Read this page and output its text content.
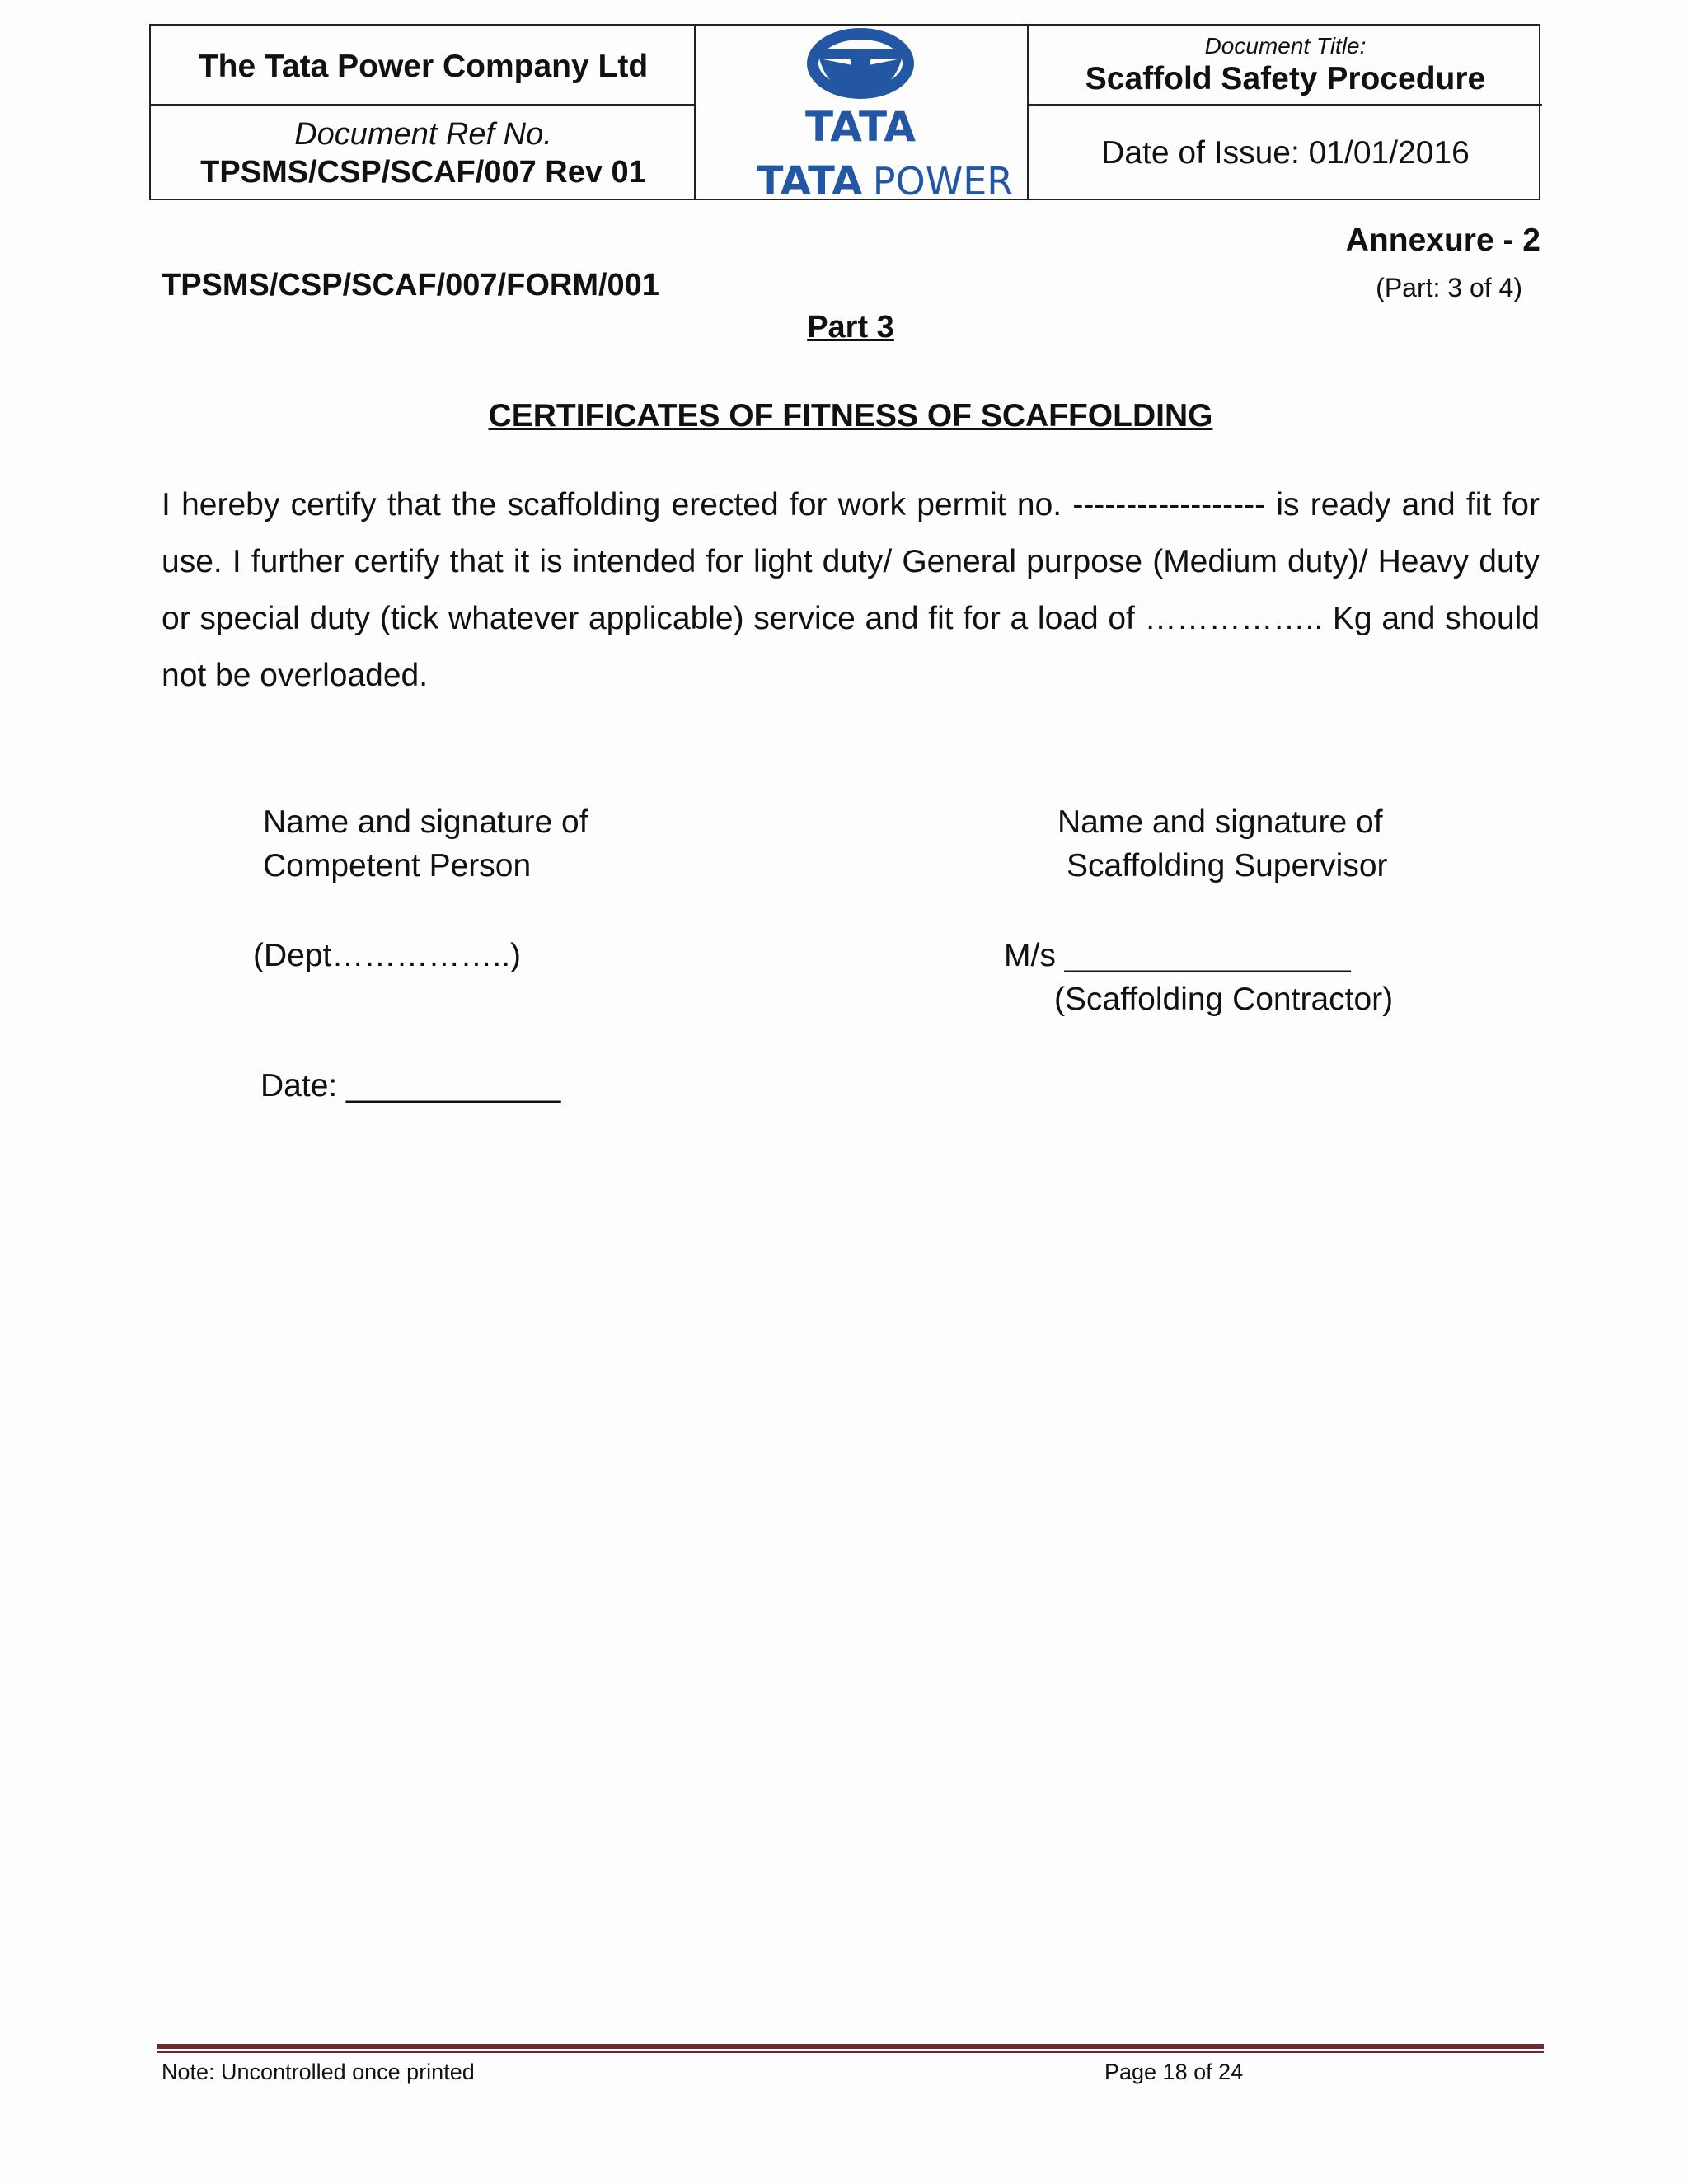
The Tata Power Company Ltd
Document Ref No.
TPSMS/CSP/SCAF/007 Rev 01
TATA
TATA POWER
Document Title:
Scaffold Safety Procedure
Date of Issue: 01/01/2016
Annexure - 2
TPSMS/CSP/SCAF/007/FORM/001	(Part: 3 of 4)
Part 3
CERTIFICATES OF FITNESS OF SCAFFOLDING
I hereby certify that the scaffolding erected for work permit no. ------------------ is ready and fit for use. I further certify that it is intended for light duty/ General purpose (Medium duty)/ Heavy duty or special duty (tick whatever applicable) service and fit for a load of …………….. Kg and should not be overloaded.
Name and signature of
Competent Person
(Dept……………..)
Name and signature of
Scaffolding Supervisor
M/s ________________
(Scaffolding Contractor)
Date: ____________
Note: Uncontrolled once printed	Page 18 of 24
